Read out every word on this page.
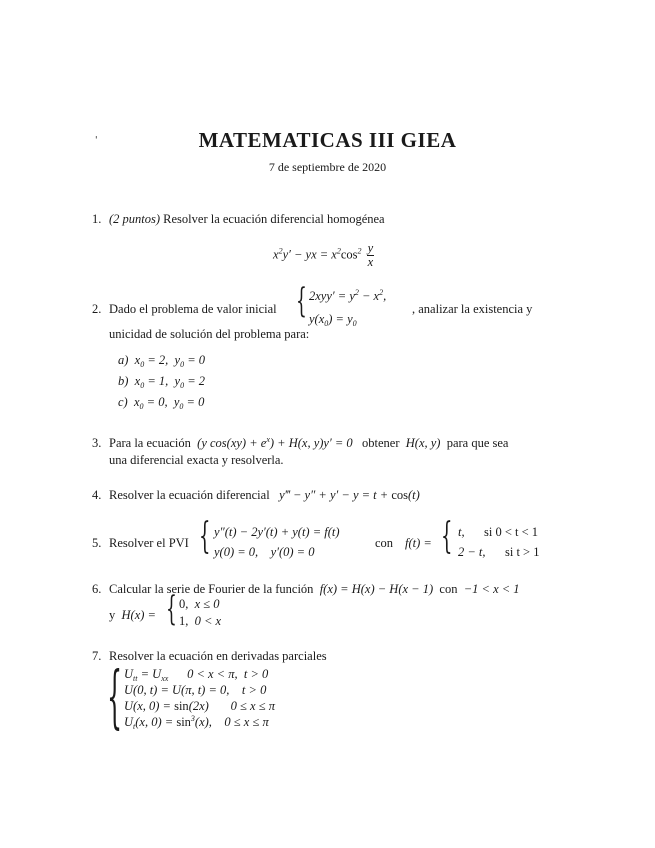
'	MATEMATICAS III GIEA
7 de septiembre de 2020
1. (2 puntos) Resolver la ecuación diferencial homogénea
$x^2y'$ − yx = $x^2\cos^2 \frac{y}{x}$
2. Dado el problema de valor inicial { $2xyy' = y^2 - x^2$,
$y(x_0) = y_0$
, analizar la existencia y
unicidad de solución del problema para:
a)  $x_0 = 2$,  $y_0 = 0$
b)  $x_0 = 1$,  $y_0 = 2$
c)  $x_0 = 0$,  $y_0 = 0$
3. Para la ecuación  (y $\cos(xy) + e^x) + H(x$, y)y′ = 0   obtener  H(x, y)  para que sea
una diferencial exacta y resolverla.
4. Resolver la ecuación diferencial   y‴ − y″ + y′ − y = t + cos(t)
5. Resolver el PVI { y″(t) − 2y′(t) + y(t) = f(t)
y(0) = 0,    y′(0) = 0
con f(t) = { t, si 0 < t < 1
2 − t, si t > 1
6. Calcular la serie de Fourier de la función  f(x) = H(x) − H(x − 1)  con  −1 < x < 1
y  H(x) = { 0,  x ≤ 0
1,  0 < x
7. Resolver la ecuación en derivadas parciales
{ $U_{tt} = U_{xx}$      0 < x < π,  t > 0
U(0, t) = U(π, t) = 0,    t > 0
U(x, 0) = sin(2x)       0 ≤ x ≤ π
$U_t(x$, $0) = \sin^3(x)$,    0 ≤ x ≤ π
